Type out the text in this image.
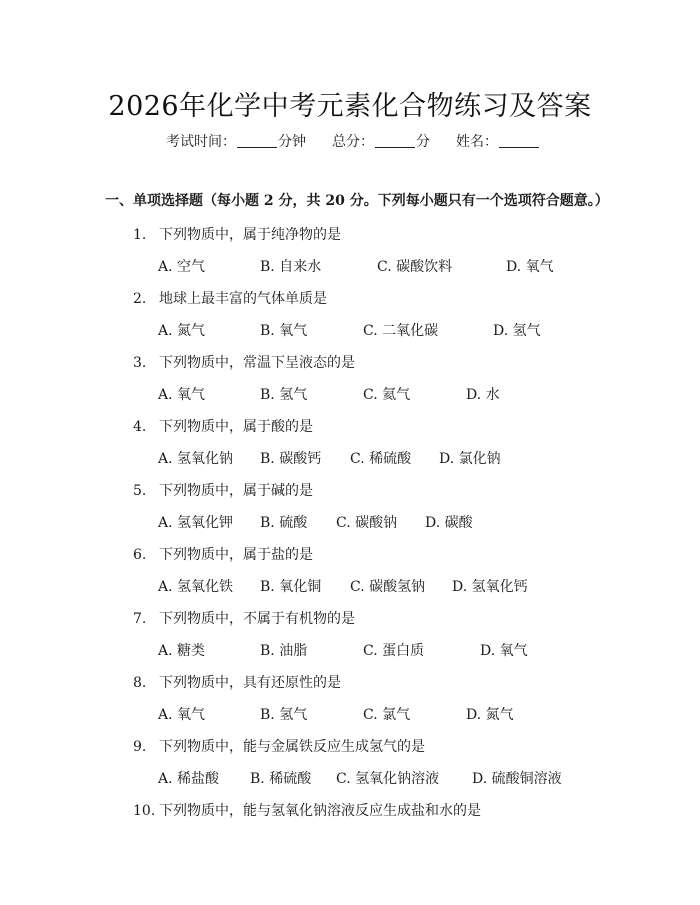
2026年化学中考元素化合物练习及答案
考试时间：	分钟 总分：	分 姓名：
一、单项选择题（每小题 2 分，共 20 分。下列每小题只有一个选项符合题意。）
1. 下列物质中，属于纯净物的是
A. 空气	B. 自来水	C. 碳酸饮料	D. 氧气
2. 地球上最丰富的气体单质是
A. 氮气	B. 氧气	C. 二氧化碳	D. 氢气
3. 下列物质中，常温下呈液态的是
A. 氧气	B. 氢气	C. 氦气	D. 水
4. 下列物质中，属于酸的是
A. 氢氧化钠 B. 碳酸钙 C. 稀硫酸 D. 氯化钠
5. 下列物质中，属于碱的是
A. 氢氧化钾 B. 硫酸 C. 碳酸钠 D. 碳酸
6. 下列物质中，属于盐的是
A. 氢氧化铁 B. 氧化铜 C. 碳酸氢钠 D. 氢氧化钙
7. 下列物质中，不属于有机物的是
A. 糖类	B. 油脂	C. 蛋白质	D. 氧气
8. 下列物质中，具有还原性的是
A. 氧气	B. 氢气	C. 氯气	D. 氮气
9. 下列物质中，能与金属铁反应生成氢气的是
A. 稀盐酸 B. 稀硫酸 C. 氢氧化钠溶液 D. 硫酸铜溶液
10. 下列物质中，能与氢氧化钠溶液反应生成盐和水的是
